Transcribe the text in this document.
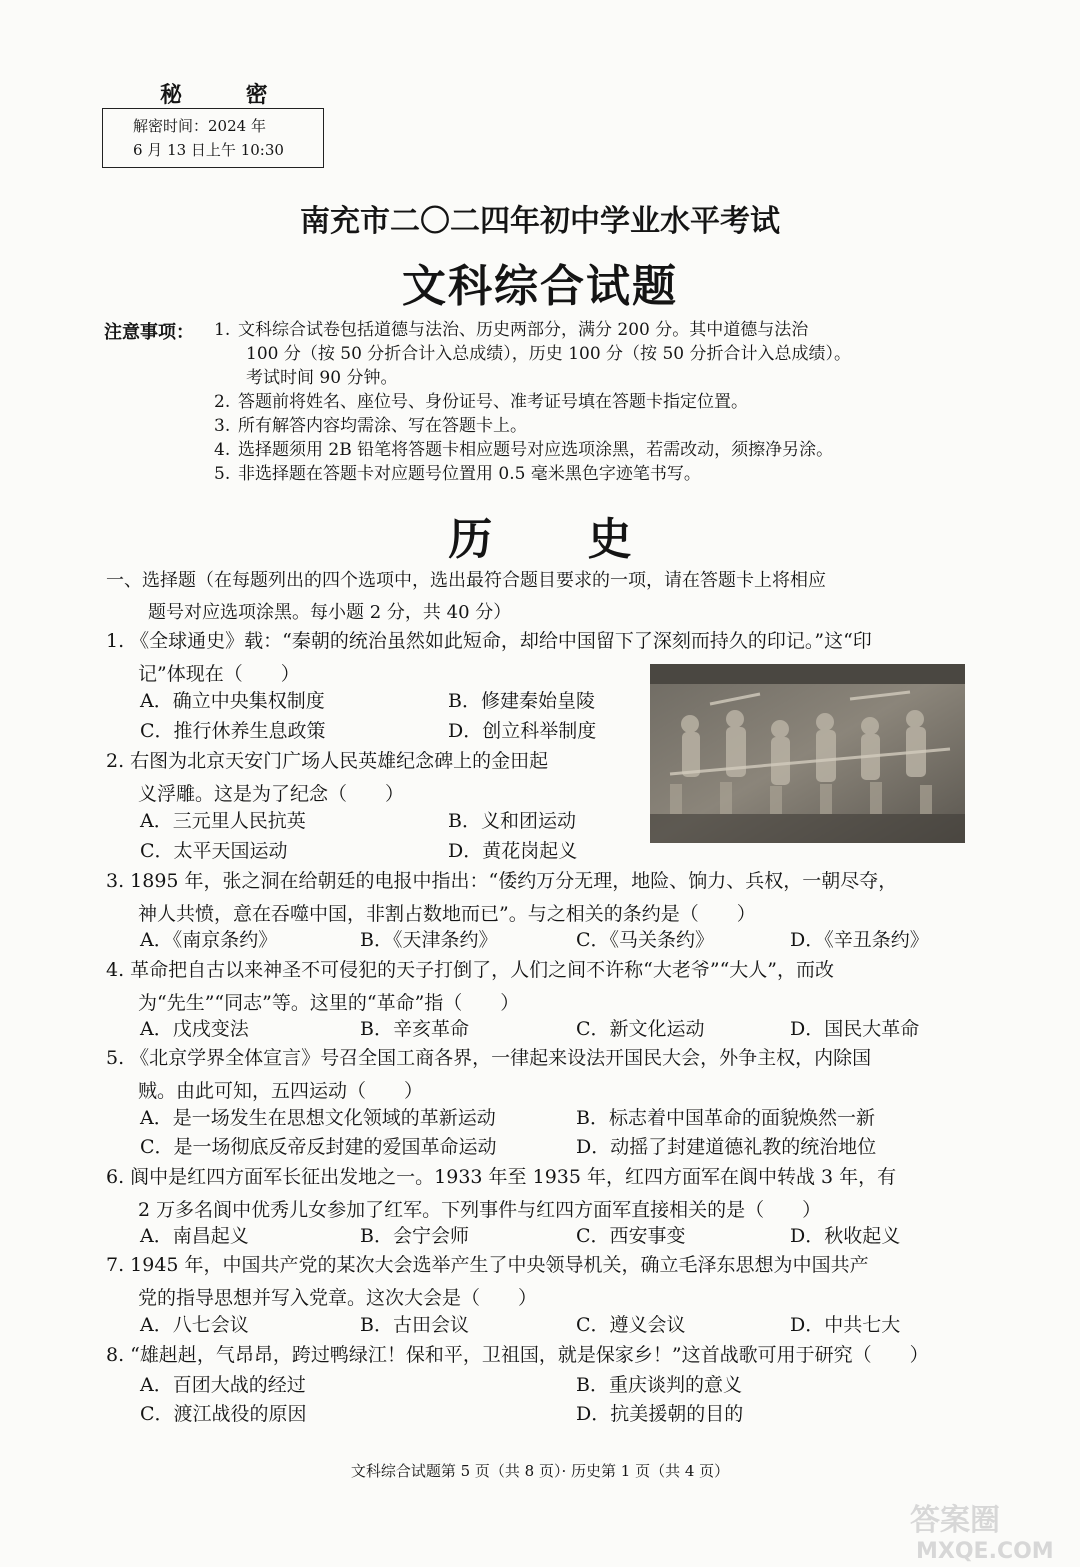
秘 密
解密时间：2024 年
6 月 13 日上午 10:30
南充市二〇二四年初中学业水平考试
文科综合试题
注意事项： 1. 文科综合试卷包括道德与法治、历史两部分，满分 200 分。其中道德与法治
100 分（按 50 分折合计入总成绩），历史 100 分（按 50 分折合计入总成绩）。
考试时间 90 分钟。
2. 答题前将姓名、座位号、身份证号、准考证号填在答题卡指定位置。
3. 所有解答内容均需涂、写在答题卡上。
4. 选择题须用 2B 铅笔将答题卡相应题号对应选项涂黑，若需改动，须擦净另涂。
5. 非选择题在答题卡对应题号位置用 0.5 毫米黑色字迹笔书写。
历 史
一、选择题（在每题列出的四个选项中，选出最符合题目要求的一项，请在答题卡上将相应
题号对应选项涂黑。每小题 2 分，共 40 分）
1. 《全球通史》载：“秦朝的统治虽然如此短命，却给中国留下了深刻而持久的印记。”这“印
记”体现在（　　）
A．确立中央集权制度	B．修建秦始皇陵
C．推行休养生息政策	D．创立科举制度
2. 右图为北京天安门广场人民英雄纪念碑上的金田起
义浮雕。这是为了纪念（　　）
A．三元里人民抗英	B．义和团运动
C．太平天国运动	D．黄花岗起义
3. 1895 年，张之洞在给朝廷的电报中指出：“倭约万分无理，地险、饷力、兵权，一朝尽夺，
神人共愤，意在吞噬中国，非割占数地而已”。与之相关的条约是（　　）
A．《南京条约》	B．《天津条约》	C．《马关条约》	D．《辛丑条约》
4. 革命把自古以来神圣不可侵犯的天子打倒了，人们之间不许称“大老爷”“大人”，而改
为“先生”“同志”等。这里的“革命”指（　　）
A．戊戌变法	B．辛亥革命	C．新文化运动	D．国民大革命
5. 《北京学界全体宣言》号召全国工商各界，一律起来设法开国民大会，外争主权，内除国
贼。由此可知，五四运动（　　）
A．是一场发生在思想文化领域的革新运动	B．标志着中国革命的面貌焕然一新
C．是一场彻底反帝反封建的爱国革命运动	D．动摇了封建道德礼教的统治地位
6. 阆中是红四方面军长征出发地之一。1933 年至 1935 年，红四方面军在阆中转战 3 年，有
2 万多名阆中优秀儿女参加了红军。下列事件与红四方面军直接相关的是（　　）
A．南昌起义	B．会宁会师	C．西安事变	D．秋收起义
7. 1945 年，中国共产党的某次大会选举产生了中央领导机关，确立毛泽东思想为中国共产
党的指导思想并写入党章。这次大会是（　　）
A．八七会议	B．古田会议	C．遵义会议	D．中共七大
8. “雄赳赳，气昂昂，跨过鸭绿江！保和平，卫祖国，就是保家乡！”这首战歌可用于研究（　　）
A．百团大战的经过	B．重庆谈判的意义
C．渡江战役的原因	D．抗美援朝的目的
文科综合试题第 5 页（共 8 页）· 历史第 1 页（共 4 页）
答案圈
MXQE.COM
